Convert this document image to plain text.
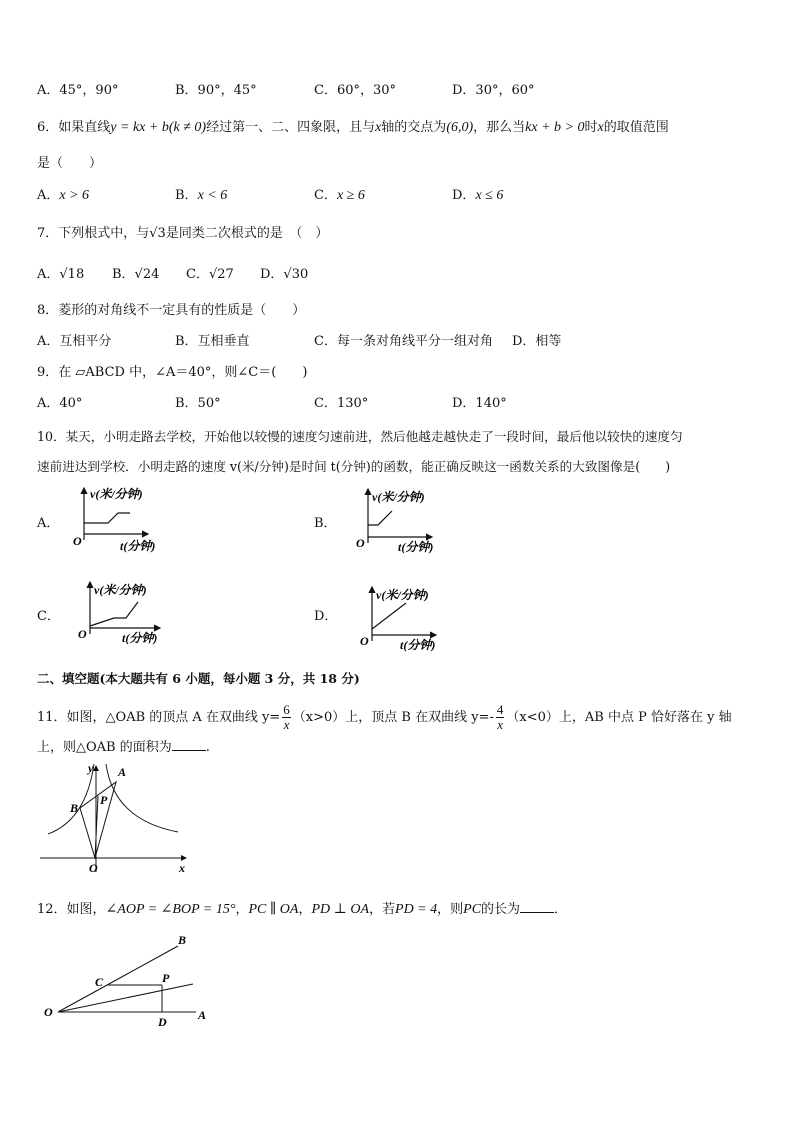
A．45°，90°	B．90°，45°	C．60°，30°	D．30°，60°
6．如果直线y = kx + b(k ≠ 0)经过第一、二、四象限，且与x轴的交点为(6,0)，那么当kx + b > 0时x的取值范围
是（　　）
A．x > 6	B．x < 6	C．x ≥ 6	D．x ≤ 6
7．下列根式中，与√3是同类二次根式的是　（　）
A．√18 B．√24 C．√27 D．√30
8．菱形的对角线不一定具有的性质是（　　）
A．互相平分	B．互相垂直	C．每一条对角线平分一组对角 D．相等
9．在 ▱ABCD 中，∠A＝40°，则∠C＝(　　)
A．40°	B．50°	C．130°	D．140°
10．某天，小明走路去学校，开始他以较慢的速度匀速前进，然后他越走越快走了一段时间，最后他以较快的速度匀
速前进达到学校．小明走路的速度 v(米/分钟)是时间 t(分钟)的函数，能正确反映这一函数关系的大致图像是(　　)
A．	B．
C．	D．
v(米/分钟)
t(分钟)
O
v(米/分钟)
t(分钟)
O
v(米/分钟)
t(分钟)
O
v(米/分钟)
t(分钟)
O
二、填空题(本大题共有 6 小题，每小题 3 分，共 18 分)
11．如图，△OAB 的顶点 A 在双曲线 $y= \frac{6}{x} (x>0)$上，顶点 B 在双曲线 $y=- \frac{4}{x} (x<0)$上，AB 中点 P 恰好落在 y 轴
上，则△OAB 的面积为	.
y
x
O
A
B
P
12．如图，∠AOP = ∠BOP = 15°，PC ∥ OA，PD ⊥ OA，若PD = 4，则PC的长为	．
O	A
B
C	P
D
